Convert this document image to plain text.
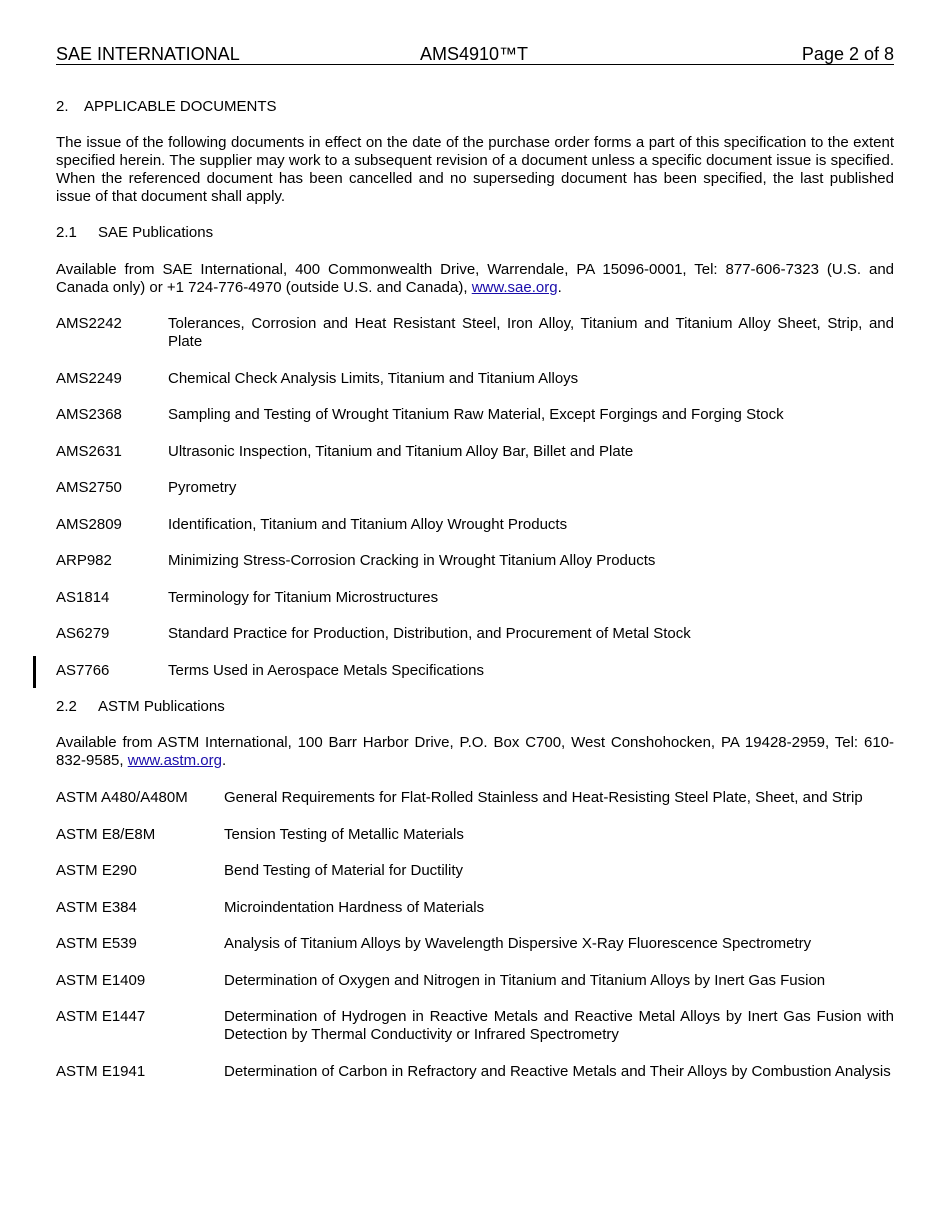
SAE INTERNATIONAL	AMS4910™T	Page 2 of 8
2. APPLICABLE DOCUMENTS
The issue of the following documents in effect on the date of the purchase order forms a part of this specification to the extent specified herein. The supplier may work to a subsequent revision of a document unless a specific document issue is specified. When the referenced document has been cancelled and no superseding document has been specified, the last published issue of that document shall apply.
2.1 SAE Publications
Available from SAE International, 400 Commonwealth Drive, Warrendale, PA 15096-0001, Tel: 877-606-7323 (U.S. and Canada only) or +1 724-776-4970 (outside U.S. and Canada), www.sae.org.
AMS2242	Tolerances, Corrosion and Heat Resistant Steel, Iron Alloy, Titanium and Titanium Alloy Sheet, Strip, and Plate
AMS2249	Chemical Check Analysis Limits, Titanium and Titanium Alloys
AMS2368	Sampling and Testing of Wrought Titanium Raw Material, Except Forgings and Forging Stock
AMS2631	Ultrasonic Inspection, Titanium and Titanium Alloy Bar, Billet and Plate
AMS2750	Pyrometry
AMS2809	Identification, Titanium and Titanium Alloy Wrought Products
ARP982	Minimizing Stress-Corrosion Cracking in Wrought Titanium Alloy Products
AS1814	Terminology for Titanium Microstructures
AS6279	Standard Practice for Production, Distribution, and Procurement of Metal Stock
AS7766	Terms Used in Aerospace Metals Specifications
2.2 ASTM Publications
Available from ASTM International, 100 Barr Harbor Drive, P.O. Box C700, West Conshohocken, PA 19428-2959, Tel: 610-832-9585, www.astm.org.
ASTM A480/A480M General Requirements for Flat-Rolled Stainless and Heat-Resisting Steel Plate, Sheet, and Strip
ASTM E8/E8M	Tension Testing of Metallic Materials
ASTM E290	Bend Testing of Material for Ductility
ASTM E384	Microindentation Hardness of Materials
ASTM E539	Analysis of Titanium Alloys by Wavelength Dispersive X-Ray Fluorescence Spectrometry
ASTM E1409	Determination of Oxygen and Nitrogen in Titanium and Titanium Alloys by Inert Gas Fusion
ASTM E1447	Determination of Hydrogen in Reactive Metals and Reactive Metal Alloys by Inert Gas Fusion with Detection by Thermal Conductivity or Infrared Spectrometry
ASTM E1941	Determination of Carbon in Refractory and Reactive Metals and Their Alloys by Combustion Analysis
